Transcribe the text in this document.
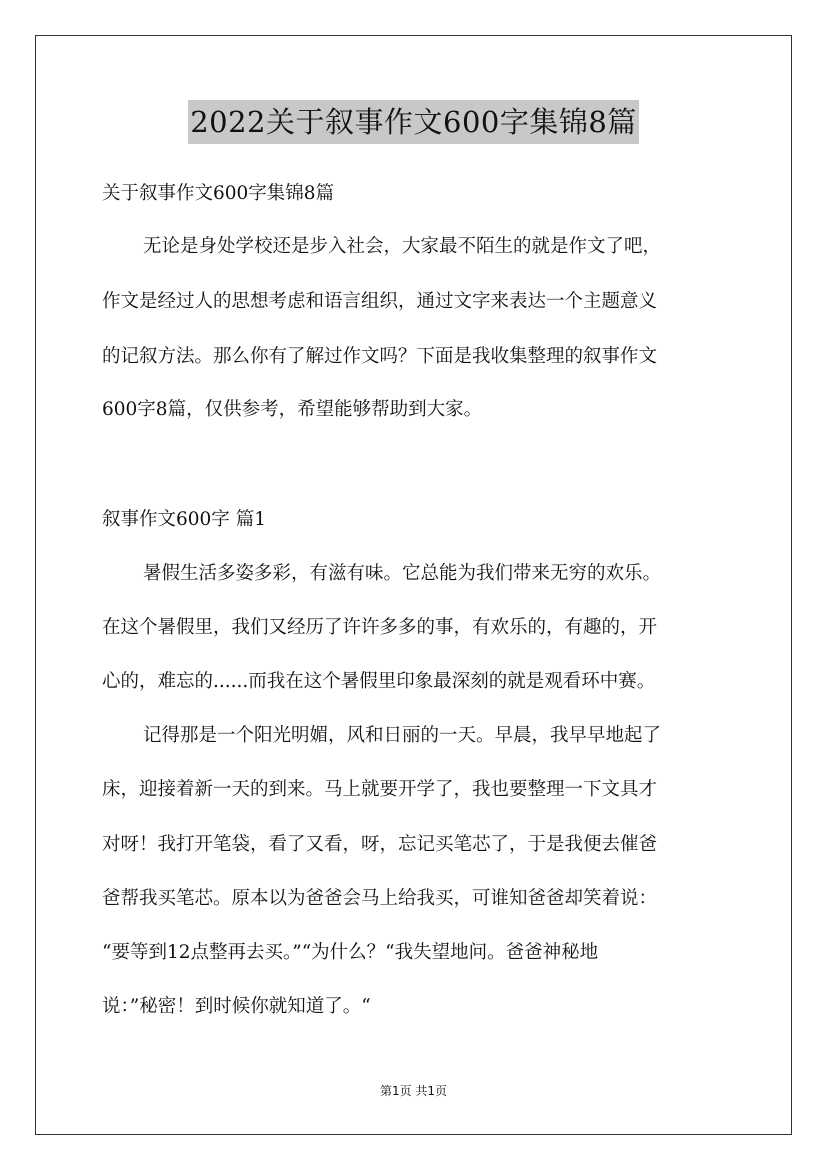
2022关于叙事作文600字集锦8篇
关于叙事作文600字集锦8篇
无论是身处学校还是步入社会，大家最不陌生的就是作文了吧，
作文是经过人的思想考虑和语言组织，通过文字来表达一个主题意义
的记叙方法。那么你有了解过作文吗？下面是我收集整理的叙事作文
600字8篇，仅供参考，希望能够帮助到大家。
叙事作文600字 篇1
暑假生活多姿多彩，有滋有味。它总能为我们带来无穷的欢乐。
在这个暑假里，我们又经历了许许多多的事，有欢乐的，有趣的，开
心的，难忘的......而我在这个暑假里印象最深刻的就是观看环中赛。
记得那是一个阳光明媚，风和日丽的一天。早晨，我早早地起了
床，迎接着新一天的到来。马上就要开学了，我也要整理一下文具才
对呀！我打开笔袋，看了又看，呀，忘记买笔芯了，于是我便去催爸
爸帮我买笔芯。原本以为爸爸会马上给我买，可谁知爸爸却笑着说：
“要等到12点整再去买。”“为什么？“我失望地问。爸爸神秘地
说：”秘密！到时候你就知道了。“
第1页 共1页
